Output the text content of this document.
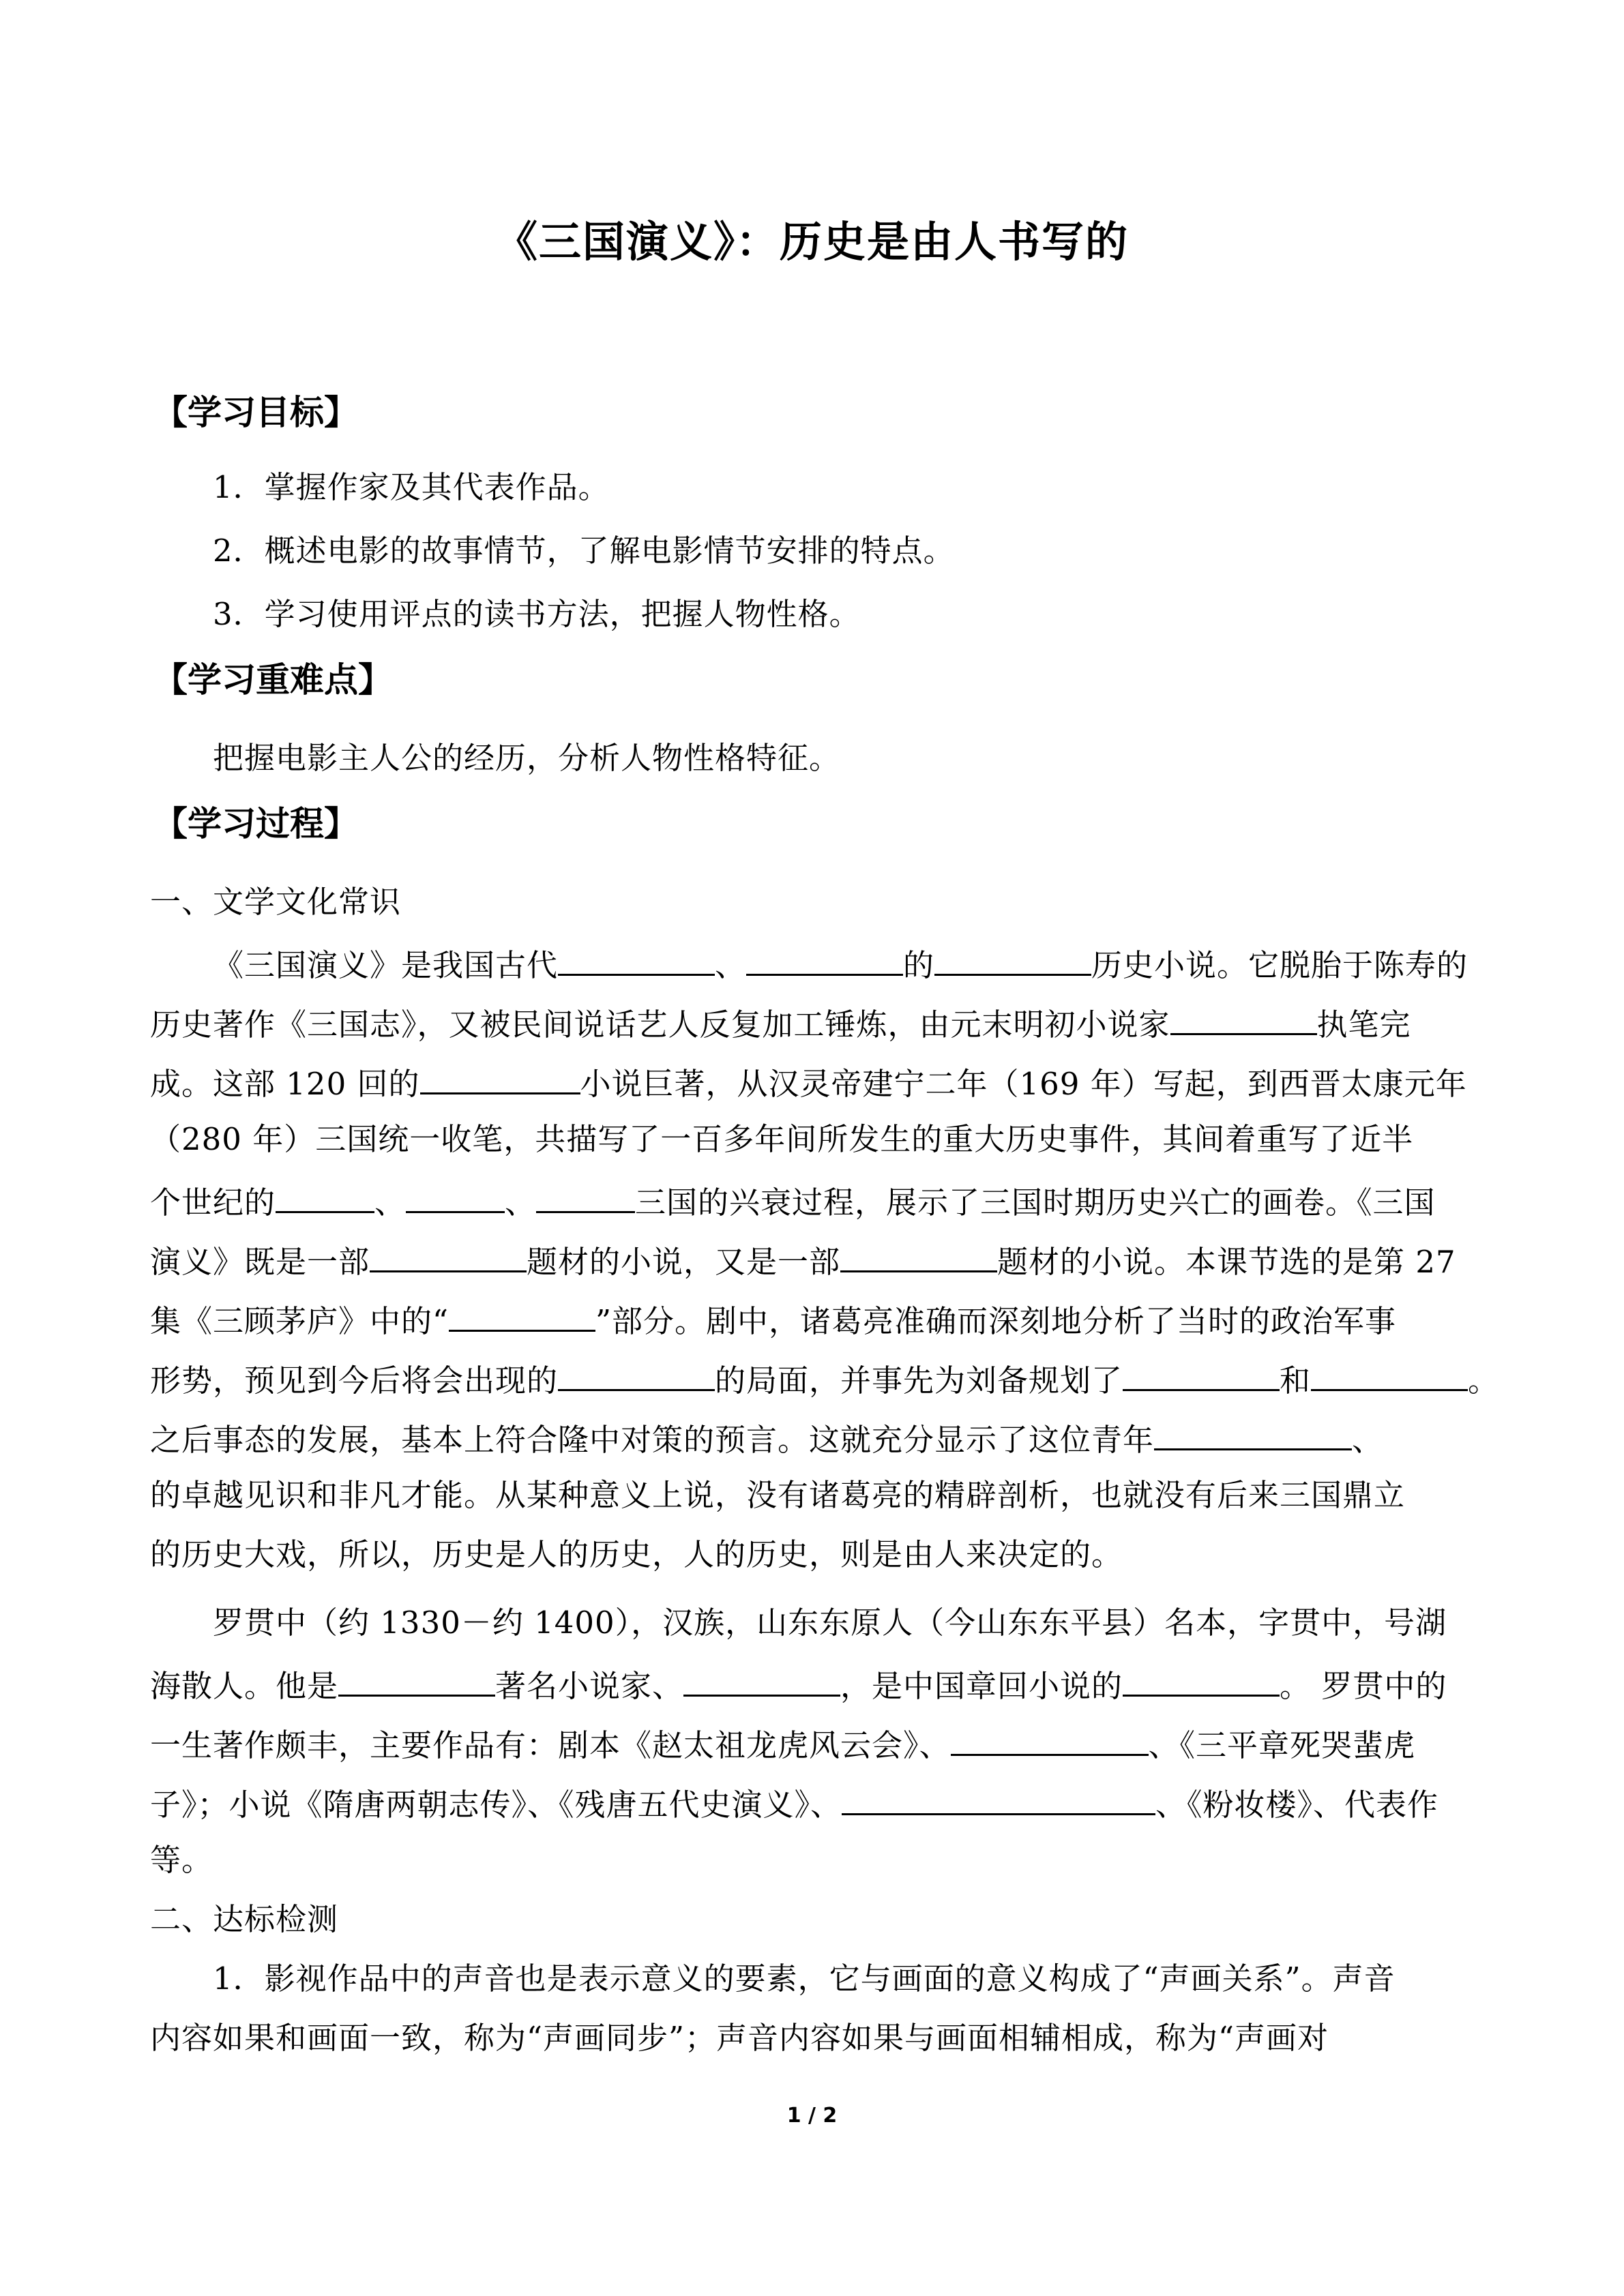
《三国演义》：历史是由人书写的
【学习目标】
1．掌握作家及其代表作品。
2．概述电影的故事情节，了解电影情节安排的特点。
3．学习使用评点的读书方法，把握人物性格。
【学习重难点】
把握电影主人公的经历，分析人物性格特征。
【学习过程】
一、文学文化常识
《三国演义》是我国古代	、	的	历史小说。它脱胎于陈寿的
历史著作《三国志》，又被民间说话艺人反复加工锤炼，由元末明初小说家	执笔完
成。这部 120 回的	小说巨著，从汉灵帝建宁二年（169 年）写起，到西晋太康元年
（280 年）三国统一收笔，共描写了一百多年间所发生的重大历史事件，其间着重写了近半
个世纪的	、	、	三国的兴衰过程，展示了三国时期历史兴亡的画卷。《三国
演义》既是一部	题材的小说，又是一部	题材的小说。本课节选的是第 27
集《三顾茅庐》中的“	”部分。剧中，诸葛亮准确而深刻地分析了当时的政治军事
形势，预见到今后将会出现的	的局面，并事先为刘备规划了	和	。
之后事态的发展，基本上符合隆中对策的预言。这就充分显示了这位青年	、
的卓越见识和非凡才能。从某种意义上说，没有诸葛亮的精辟剖析，也就没有后来三国鼎立
的历史大戏，所以，历史是人的历史，人的历史，则是由人来决定的。
罗贯中（约 1330－约 1400），汉族，山东东原人（今山东东平县）名本，字贯中，号湖
海散人。他是	著名小说家、	，是中国章回小说的	。 罗贯中的
一生著作颇丰，主要作品有：剧本《赵太祖龙虎风云会》、	、《三平章死哭蜚虎
子》；小说《隋唐两朝志传》、《残唐五代史演义》、	、《粉妆楼》、代表作
等。
二、达标检测
1．影视作品中的声音也是表示意义的要素，它与画面的意义构成了“声画关系”。声音
内容如果和画面一致，称为“声画同步”；声音内容如果与画面相辅相成，称为“声画对
1 / 2
